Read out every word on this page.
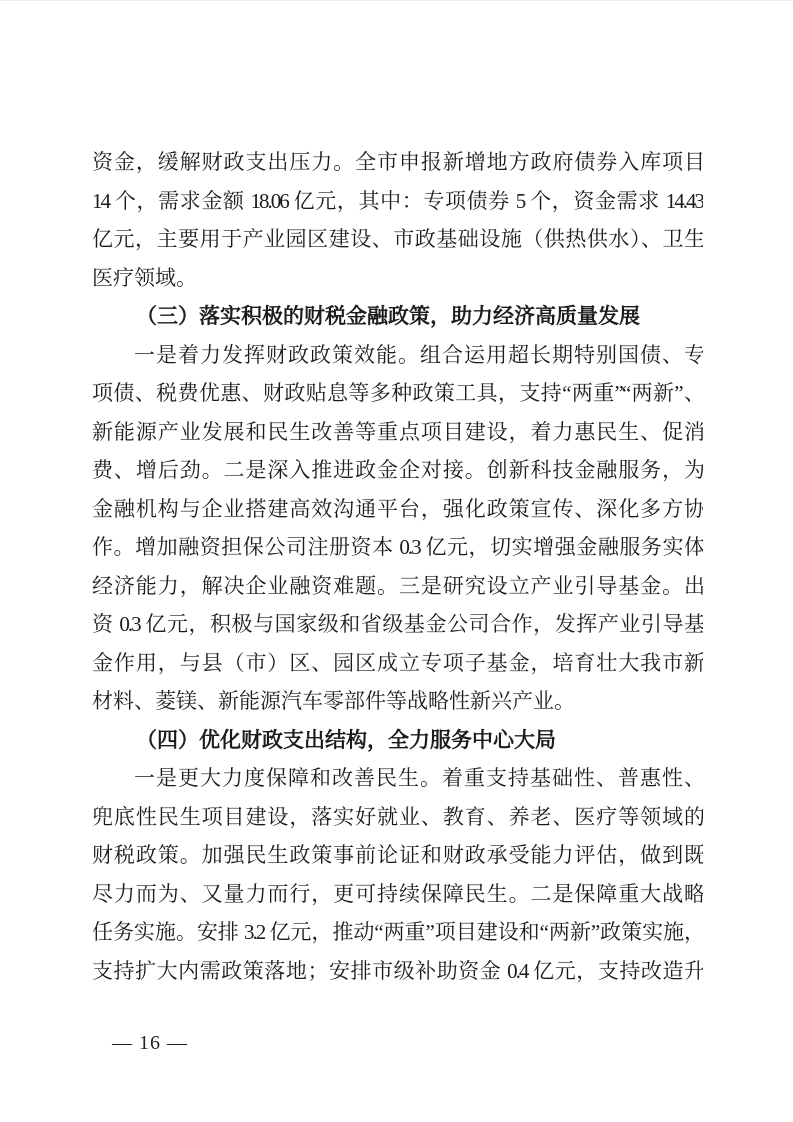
资金，缓解财政支出压力。全市申报新增地方政府债券入库项目
14 个，需求金额 18.06 亿元，其中：专项债券 5 个，资金需求 14.43
亿元，主要用于产业园区建设、市政基础设施（供热供水）、卫生
医疗领域。
（三）落实积极的财税金融政策，助力经济高质量发展
一是着力发挥财政政策效能。组合运用超长期特别国债、专
项债、税费优惠、财政贴息等多种政策工具，支持“两重”“两新”、
新能源产业发展和民生改善等重点项目建设，着力惠民生、促消
费、增后劲。二是深入推进政金企对接。创新科技金融服务，为
金融机构与企业搭建高效沟通平台，强化政策宣传、深化多方协
作。增加融资担保公司注册资本 0.3 亿元，切实增强金融服务实体
经济能力，解决企业融资难题。三是研究设立产业引导基金。出
资 0.3 亿元，积极与国家级和省级基金公司合作，发挥产业引导基
金作用，与县（市）区、园区成立专项子基金，培育壮大我市新
材料、菱镁、新能源汽车零部件等战略性新兴产业。
（四）优化财政支出结构，全力服务中心大局
一是更大力度保障和改善民生。着重支持基础性、普惠性、
兜底性民生项目建设，落实好就业、教育、养老、医疗等领域的
财税政策。加强民生政策事前论证和财政承受能力评估，做到既
尽力而为、又量力而行，更可持续保障民生。二是保障重大战略
任务实施。安排 3.2 亿元，推动“两重”项目建设和“两新”政策实施，
支持扩大内需政策落地；安排市级补助资金 0.4 亿元，支持改造升
— 16 —
